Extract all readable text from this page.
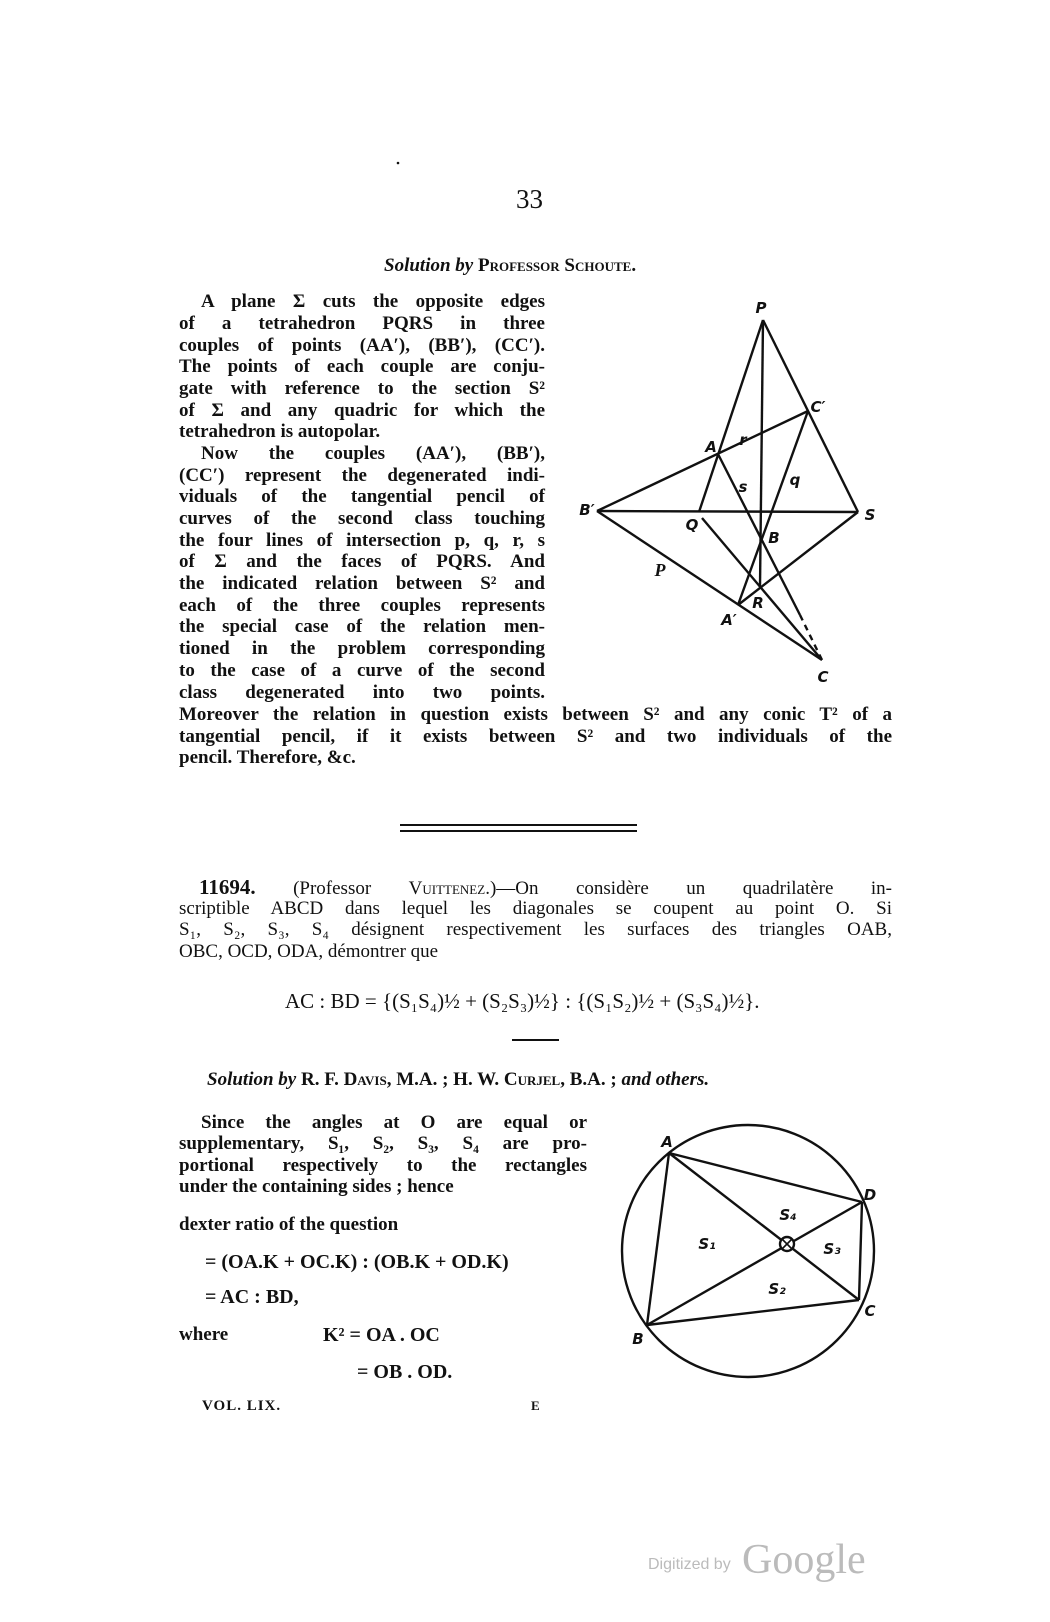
33
Solution by Professor Schoute.
A plane Σ cuts the opposite edges
of a tetrahedron PQRS in three
couples of points (AA′), (BB′), (CC′).
The points of each couple are conju-
gate with reference to the section S²
of Σ and any quadric for which the
tetrahedron is autopolar.
Now the couples (AA′), (BB′),
(CC′) represent the degenerated indi-
viduals of the tangential pencil of
curves of the second class touching
the four lines of intersection p, q, r, s
of Σ and the faces of PQRS. And
the indicated relation between S² and
each of the three couples represents
the special case of the relation men-
tioned in the problem corresponding
to the case of a curve of the second
class degenerated into two points.
Moreover the relation in question exists between S² and any conic T² of a
tangential pencil, if it exists between S² and two individuals of the
pencil. Therefore, &c.
11694. (Professor Vuittenez.)—On considère un quadrilatère in-
scriptible ABCD dans lequel les diagonales se coupent au point O. Si
S₁, S₂, S₃, S₄ désignent respectivement les surfaces des triangles OAB,
OBC, OCD, ODA, démontrer que
AC : BD = {(S₁S₄)½ + (S₂S₃)½} : {(S₁S₂)½ + (S₃S₄)½}.
Solution by R. F. Davis, M.A. ; H. W. Curjel, B.A. ; and others.
Since the angles at O are equal or
supplementary, S₁, S₂, S₃, S₄ are pro-
portional respectively to the rectangles
under the containing sides ; hence
dexter ratio of the question
= (OA.K + OC.K) : (OB.K + OD.K)
= AC : BD,
where	K² = OA . OC
= OB . OD.
VOL. LIX.	E
Digitized by Google
P
C′
A r
s	q
B′
Q
S
B
P
R
A′
C
A
D
C
B
S₁
S₂
S₃
S₄
